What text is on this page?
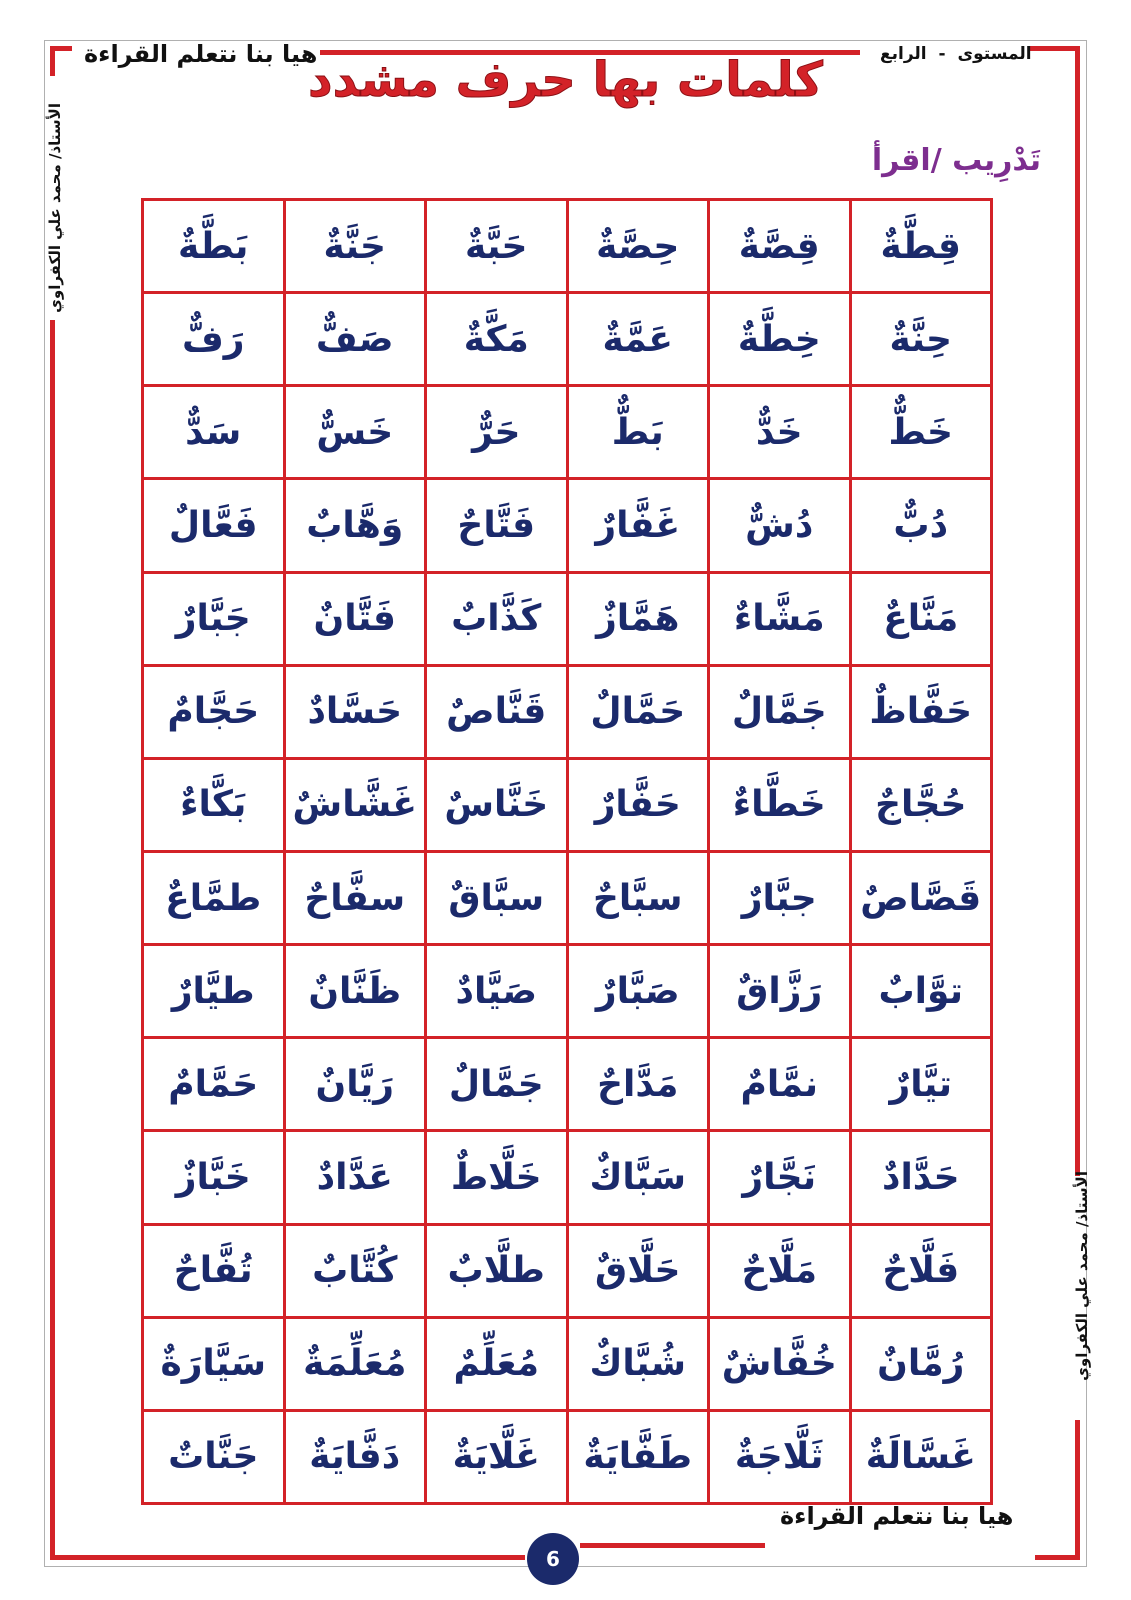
هيا بنا نتعلم القراءة	المستوى - الرابع
كلمات بها حرف مشدد
تَدْرِيب /اقرأ
الأستاذ/ محمد علي الكفراوي
الأستاذ/ محمد علي الكفراوي
قِطَّةٌ	قِصَّةٌ	حِصَّةٌ	حَبَّةٌ	جَنَّةٌ	بَطَّةٌ
حِنَّةٌ	خِطَّةٌ	عَمَّةٌ	مَكَّةٌ	صَفٌّ	رَفٌّ
خَطٌّ	خَدٌّ	بَطٌّ	حَرٌّ	خَسٌّ	سَدٌّ
دُبٌّ	دُشٌّ	غَفَّارٌ	فَتَّاحٌ	وَهَّابٌ	فَعَّالٌ
مَنَّاعٌ	مَشَّاءٌ	هَمَّازٌ	كَذَّابٌ	فَتَّانٌ	جَبَّارٌ
حَفَّاظٌ	جَمَّالٌ	حَمَّالٌ	قَنَّاصٌ	حَسَّادٌ	حَجَّامٌ
حُجَّاجٌ	خَطَّاءٌ	حَفَّارٌ	خَنَّاسٌ	غَشَّاشٌ	بَكَّاءٌ
قَصَّاصٌ	جبَّارٌ	سبَّاحٌ	سبَّاقٌ	سفَّاحٌ	طمَّاعٌ
توَّابٌ	رَزَّاقٌ	صَبَّارٌ	صَيَّادٌ	ظَنَّانٌ	طيَّارٌ
تيَّارٌ	نمَّامٌ	مَدَّاحٌ	جَمَّالٌ	رَيَّانٌ	حَمَّامٌ
حَدَّادٌ	نَجَّارٌ	سَبَّاكٌ	خَلَّاطٌ	عَدَّادٌ	خَبَّازٌ
فَلَّاحٌ	مَلَّاحٌ	حَلَّاقٌ	طلَّابٌ	كُتَّابٌ	تُفَّاحٌ
رُمَّانٌ	خُفَّاشٌ	شُبَّاكٌ	مُعَلِّمٌ	مُعَلِّمَةٌ	سَيَّارَةٌ
غَسَّالَةٌ	ثَلَّاجَةٌ	طَفَّايَةٌ	غَلَّايَةٌ	دَفَّايَةٌ	جَنَّاتٌ
هيا بنا نتعلم القراءة
6
